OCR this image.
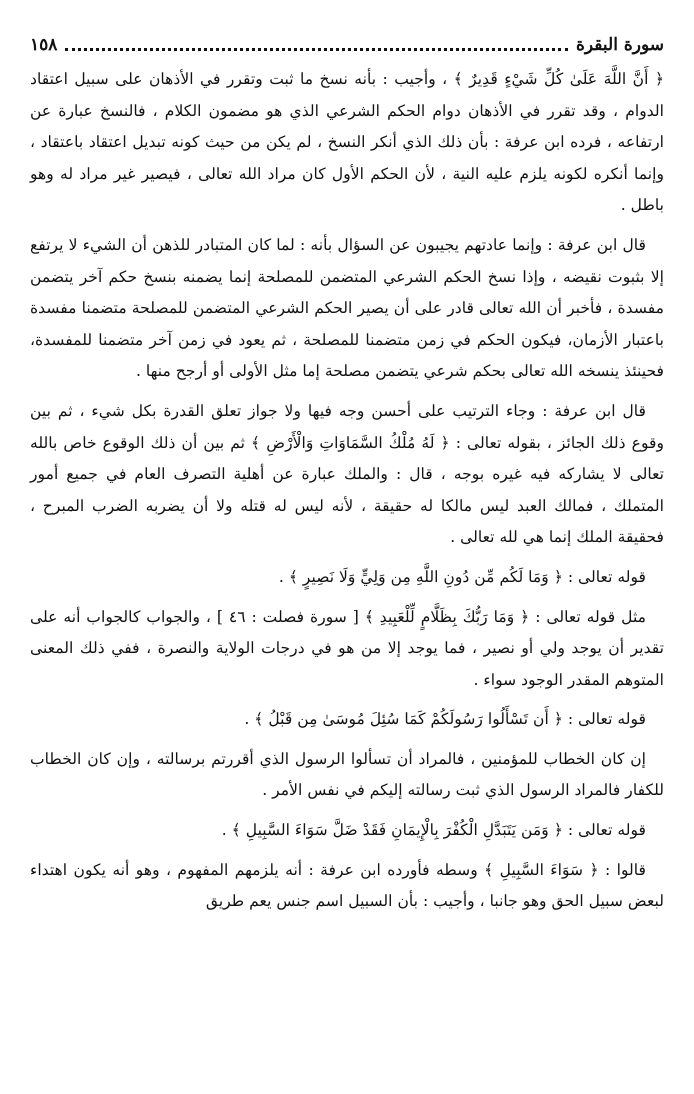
سورة البقرة
١٥٨

﴿ أَنَّ اللَّهَ عَلَىٰ كُلِّ شَيْءٍ قَدِيرٌ ﴾ ، وأجيب : بأنه نسخ ما ثبت وتقرر في الأذهان على سبيل اعتقاد الدوام ، وقد تقرر في الأذهان دوام الحكم الشرعي الذي هو مضمون الكلام ، فالنسخ عبارة عن ارتفاعه ، فرده ابن عرفة : بأن ذلك الذي أنكر النسخ ، لم يكن من حيث كونه تبديل اعتقاد باعتقاد ، وإنما أنكره لكونه يلزم عليه النية ، لأن الحكم الأول كان مراد الله تعالى ، فيصير غير مراد له وهو باطل .

قال ابن عرفة : وإنما عادتهم يجيبون عن السؤال بأنه : لما كان المتبادر للذهن أن الشيء لا يرتفع إلا بثبوت نقيضه ، وإذا نسخ الحكم الشرعي المتضمن للمصلحة إنما يضمنه بنسخ حكم آخر يتضمن مفسدة ، فأخبر أن الله تعالى قادر على أن يصير الحكم الشرعي المتضمن للمصلحة متضمنا مفسدة باعتبار الأزمان، فيكون الحكم في زمن متضمنا للمصلحة ، ثم يعود في زمن آخر متضمنا للمفسدة، فحينئذ ينسخه الله تعالى بحكم شرعي يتضمن مصلحة إما مثل الأولى أو أرجح منها .

قال ابن عرفة : وجاء الترتيب على أحسن وجه فيها ولا جواز تعلق القدرة بكل شيء ، ثم بين وقوع ذلك الجائز ، بقوله تعالى : ﴿ لَهُ مُلْكُ السَّمَاوَاتِ وَالْأَرْضِ ﴾ ثم بين أن ذلك الوقوع خاص بالله تعالى لا يشاركه فيه غيره بوجه ، قال : والملك عبارة عن أهلية التصرف العام في جميع أمور المتملك ، فمالك العبد ليس مالكا له حقيقة ، لأنه ليس له قتله ولا أن يضربه الضرب المبرح ، فحقيقة الملك إنما هي لله تعالى .

قوله تعالى : ﴿ وَمَا لَكُم مِّن دُونِ اللَّهِ مِن وَلِيٍّ وَلَا نَصِيرٍ ﴾ .

مثل قوله تعالى : ﴿ وَمَا رَبُّكَ بِظَلَّامٍ لِّلْعَبِيدِ ﴾ [ سورة فصلت : ٤٦ ] ، والجواب كالجواب أنه على تقدير أن يوجد ولي أو نصير ، فما يوجد إلا من هو في درجات الولاية والنصرة ، ففي ذلك المعنى المتوهم المقدر الوجود سواء .

قوله تعالى : ﴿ أَن تَسْأَلُوا رَسُولَكُمْ كَمَا سُئِلَ مُوسَىٰ مِن قَبْلُ ﴾ .

إن كان الخطاب للمؤمنين ، فالمراد أن تسألوا الرسول الذي أقررتم برسالته ، وإن كان الخطاب للكفار فالمراد الرسول الذي ثبت رسالته إليكم في نفس الأمر .

قوله تعالى : ﴿ وَمَن يَتَبَدَّلِ الْكُفْرَ بِالْإِيمَانِ فَقَدْ ضَلَّ سَوَاءَ السَّبِيلِ ﴾ .

قالوا : ﴿ سَوَاءَ السَّبِيلِ ﴾ وسطه فأورده ابن عرفة : أنه يلزمهم المفهوم ، وهو أنه يكون اهتداء لبعض سبيل الحق وهو جانبا ، وأجيب : بأن السبيل اسم جنس يعم طريق
